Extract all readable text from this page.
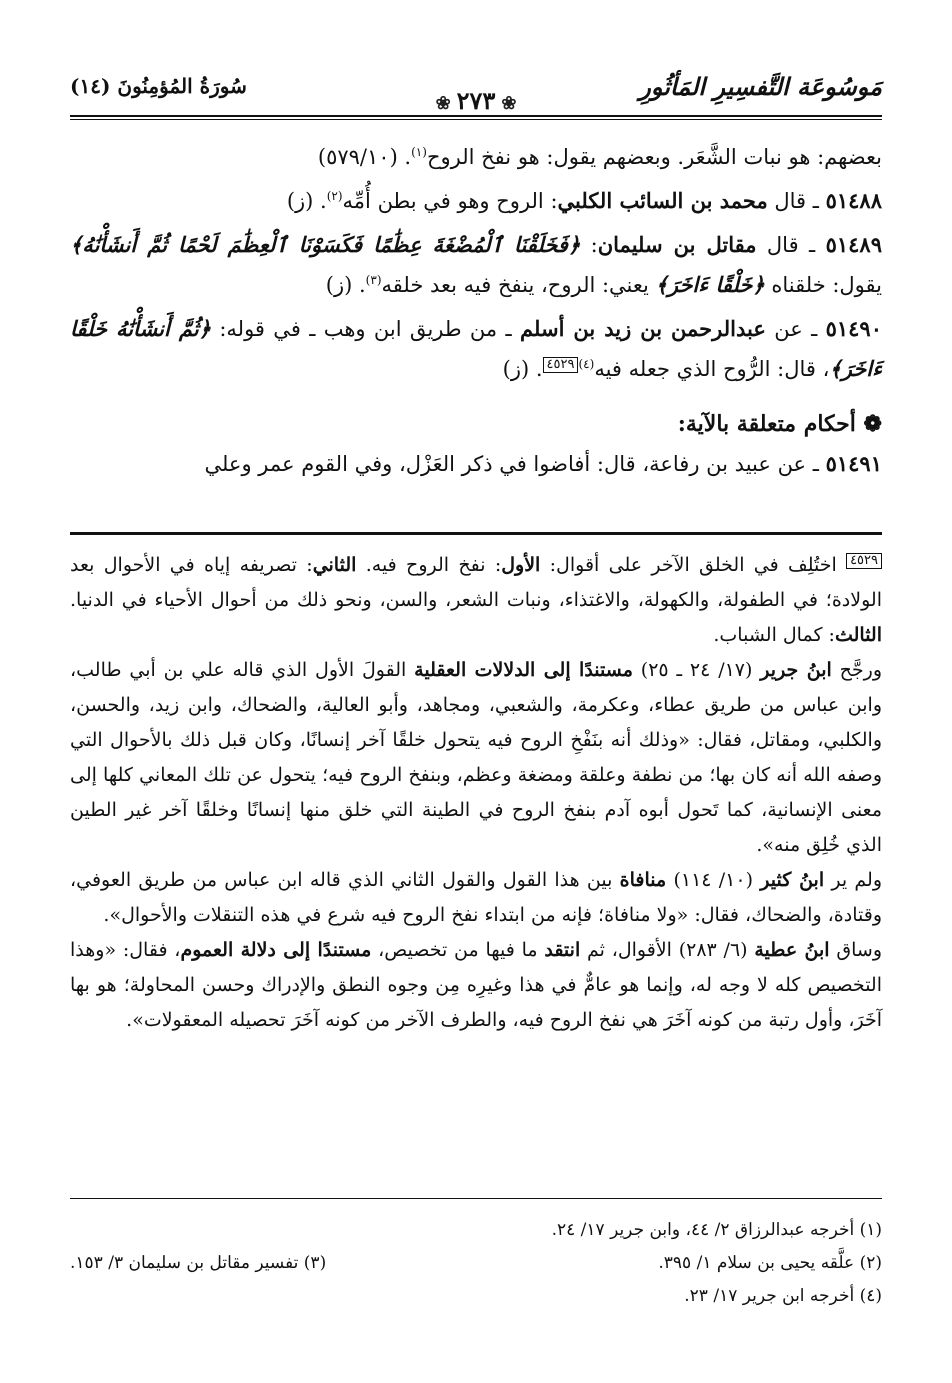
مَوسُوعَة التَّفسِيرِ المَأثُورِ
❀٢٧٣❀
سُورَةُ المُؤمِنُونَ (١٤)

بعضهم: هو نبات الشَّعَر. وبعضهم يقول: هو نفخ الروح$^{(١)}$. (٥٧٩/١٠)

٥١٤٨٨ ـ قال محمد بن السائب الكلبي: الروح وهو في بطن أُمِّه$^{(٢)}$. (ز)

٥١٤٨٩ ـ قال مقاتل بن سليمان: ﴿فَخَلَقْنَا ٱلْمُضْغَةَ عِظَٰمًا فَكَسَوْنَا ٱلْعِظَٰمَ لَحْمًا ثُمَّ أَنشَأْنَٰهُ﴾ يقول: خلقناه ﴿خَلْقًا ءَاخَرَ﴾ يعني: الروح، ينفخ فيه بعد خلقه$^{(٣)}$. (ز)

٥١٤٩٠ ـ عن عبدالرحمن بن زيد بن أسلم ـ من طريق ابن وهب ـ في قوله: ﴿ثُمَّ أَنشَأْنَٰهُ خَلْقًا ءَاخَرَ﴾، قال: الرُّوح الذي جعله فيه$^{(٤)}$٤٥٢٩. (ز)

❁ أحكام متعلقة بالآية:

٥١٤٩١ ـ عن عبيد بن رفاعة، قال: أفاضوا في ذكر العَزْل، وفي القوم عمر وعلي

٤٥٢٩ اختُلِف في الخلق الآخر على أقوال: الأول: نفخ الروح فيه. الثاني: تصريفه إياه في الأحوال بعد الولادة؛ في الطفولة، والكهولة، والاغتذاء، ونبات الشعر، والسن، ونحو ذلك من أحوال الأحياء في الدنيا. الثالث: كمال الشباب.

ورجَّح ابنُ جرير (١٧/ ٢٤ ـ ٢٥) مستندًا إلى الدلالات العقلية القولَ الأول الذي قاله علي بن أبي طالب، وابن عباس من طريق عطاء، وعكرمة، والشعبي، ومجاهد، وأبو العالية، والضحاك، وابن زيد، والحسن، والكلبي، ومقاتل، فقال: «وذلك أنه بنَفْخِ الروح فيه يتحول خلقًا آخر إنسانًا، وكان قبل ذلك بالأحوال التي وصفه الله أنه كان بها؛ من نطفة وعلقة ومضغة وعظم، وبنفخ الروح فيه؛ يتحول عن تلك المعاني كلها إلى معنى الإنسانية، كما تَحول أبوه آدم بنفخ الروح في الطينة التي خلق منها إنسانًا وخلقًا آخر غير الطين الذي خُلِق منه».

ولم ير ابنُ كثير (١٠/ ١١٤) منافاة بين هذا القول والقول الثاني الذي قاله ابن عباس من طريق العوفي، وقتادة، والضحاك، فقال: «ولا منافاة؛ فإنه من ابتداء نفخ الروح فيه شرع في هذه التنقلات والأحوال».

وساق ابنُ عطية (٦/ ٢٨٣) الأقوال، ثم انتقد ما فيها من تخصيص، مستندًا إلى دلالة العموم، فقال: «وهذا التخصيص كله لا وجه له، وإنما هو عامٌّ في هذا وغيرِه مِن وجوه النطق والإدراك وحسن المحاولة؛ هو بها آخَرَ، وأول رتبة من كونه آخَرَ هي نفخ الروح فيه، والطرف الآخر من كونه آخَرَ تحصيله المعقولات».

(١) أخرجه عبدالرزاق ٢/ ٤٤، وابن جرير ١٧/ ٢٤.
(٢) علَّقه يحيى بن سلام ١/ ٣٩٥.
(٣) تفسير مقاتل بن سليمان ٣/ ١٥٣.
(٤) أخرجه ابن جرير ١٧/ ٢٣.
